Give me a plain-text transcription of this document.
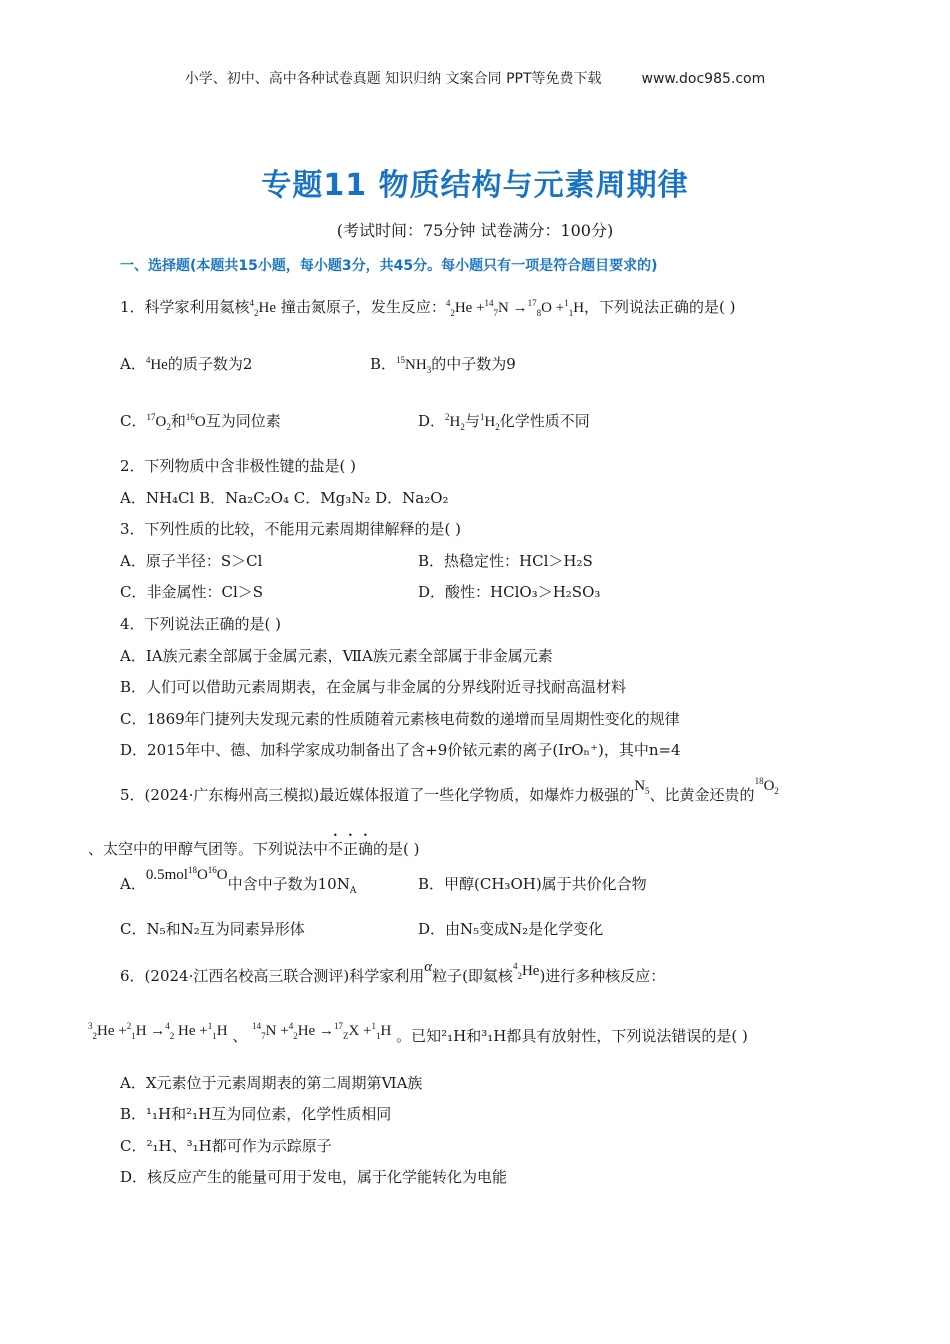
小学、初中、高中各种试卷真题 知识归纳 文案合同 PPT等免费下载	www.doc985.com
专题11 物质结构与元素周期律
(考试时间：75分钟 试卷满分：100分)
一、选择题(本题共15小题，每小题3分，共45分。每小题只有一项是符合题目要求的)
1．科学家利用氦核$^4_2$He 撞击氮原子，发生反应：$^4_2$He +$^{14}_7$N →$^{17}_8$O +$^1_1$H，下列说法正确的是( )
A．$^4$He的质子数为2	B．$^{15}NH_3$的中子数为9
C．$^{17}O_2$和$^{16}$O互为同位素	D．$^2H_2$与$^1H_2$化学性质不同
2．下列物质中含非极性键的盐是( )
A．NH₄Cl B．Na₂C₂O₄ C．Mg₃N₂ D．Na₂O₂
3．下列性质的比较，不能用元素周期律解释的是( )
A．原子半径：S＞Cl	B．热稳定性：HCl＞H₂S
C．非金属性：Cl＞S	D．酸性：HClO₃＞H₂SO₃
4．下列说法正确的是( )
A．ⅠA族元素全部属于金属元素，ⅦA族元素全部属于非金属元素
B．人们可以借助元素周期表，在金属与非金属的分界线附近寻找耐高温材料
C．1869年门捷列夫发现元素的性质随着元素核电荷数的递增而呈周期性变化的规律
D．2015年中、德、加科学家成功制备出了含+9价铱元素的离子(IrOₙ⁺)，其中n=4
5．(2024·广东梅州高三模拟)最近媒体报道了一些化学物质，如爆炸力极强的$N_5$、比黄金还贵的$^{18}O_2$
、太空中的甲醇气团等。下列说法中不正确的是( )
A．$0.5mol^{18}O^{16}O$中含中子数为$10N_A$	B．甲醇(CH₃OH)属于共价化合物
C．N₅和N₂互为同素异形体	D．由N₅变成N₂是化学变化
6．(2024·江西名校高三联合测评)科学家利用α粒子(即氦核$^4_2$He)进行多种核反应：
$^3_2$He +$^2_1$H →$^4_2$ He +$^1_1$H 、 $^{14}_7$N +$^4_2$He →$^{17}_Z$X +$^1_1$H 。已知²₁H和³₁H都具有放射性，下列说法错误的是( )
A．X元素位于元素周期表的第二周期第ⅥA族
B．¹₁H和²₁H互为同位素，化学性质相同
C．²₁H、³₁H都可作为示踪原子
D．核反应产生的能量可用于发电，属于化学能转化为电能
